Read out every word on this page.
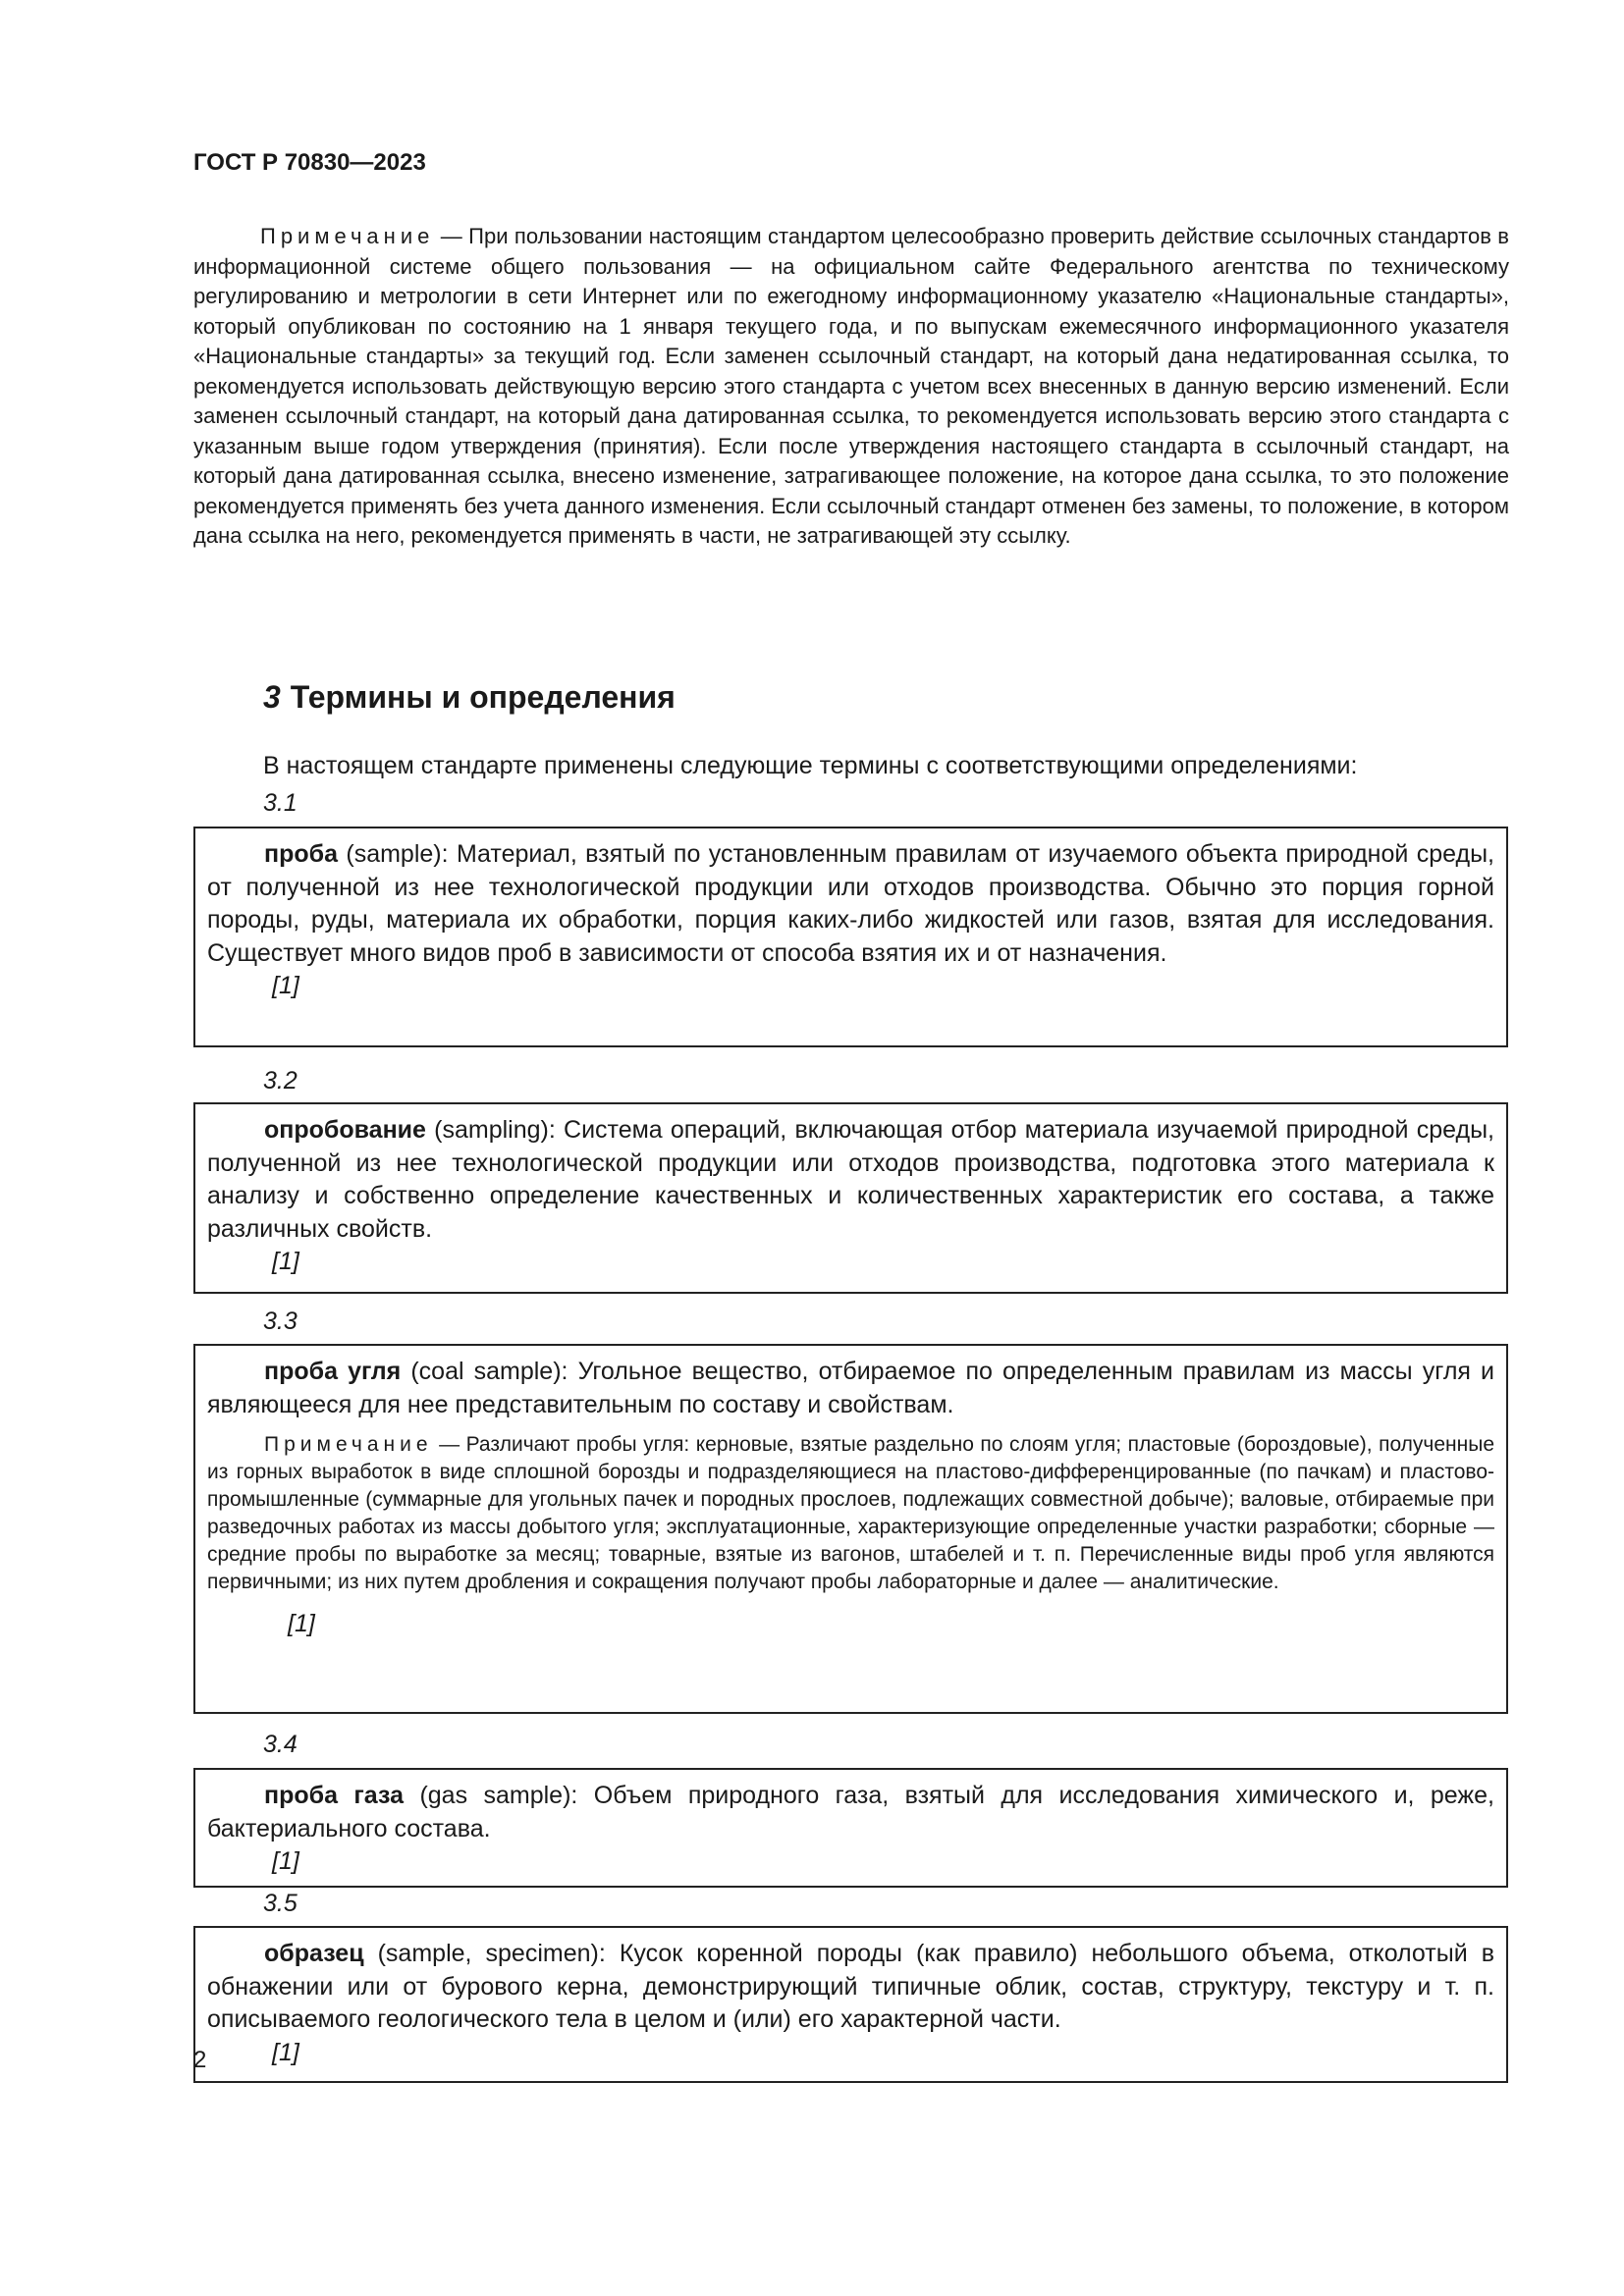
ГОСТ Р 70830—2023
Примечание — При пользовании настоящим стандартом целесообразно проверить действие ссылочных стандартов в информационной системе общего пользования — на официальном сайте Федерального агентства по техническому регулированию и метрологии в сети Интернет или по ежегодному информационному указателю «Национальные стандарты», который опубликован по состоянию на 1 января текущего года, и по выпускам ежемесячного информационного указателя «Национальные стандарты» за текущий год. Если заменен ссылочный стандарт, на который дана недатированная ссылка, то рекомендуется использовать действующую версию этого стандарта с учетом всех внесенных в данную версию изменений. Если заменен ссылочный стандарт, на который дана датированная ссылка, то рекомендуется использовать версию этого стандарта с указанным выше годом утверждения (принятия). Если после утверждения настоящего стандарта в ссылочный стандарт, на который дана датированная ссылка, внесено изменение, затрагивающее положение, на которое дана ссылка, то это положение рекомендуется применять без учета данного изменения. Если ссылочный стандарт отменен без замены, то положение, в котором дана ссылка на него, рекомендуется применять в части, не затрагивающей эту ссылку.
3 Термины и определения
В настоящем стандарте применены следующие термины с соответствующими определениями:
3.1
проба (sample): Материал, взятый по установленным правилам от изучаемого объекта природной среды, от полученной из нее технологической продукции или отходов производства. Обычно это порция горной породы, руды, материала их обработки, порция каких-либо жидкостей или газов, взятая для исследования. Существует много видов проб в зависимости от способа взятия их и от назначения.
[1]
3.2
опробование (sampling): Система операций, включающая отбор материала изучаемой природной среды, полученной из нее технологической продукции или отходов производства, подготовка этого материала к анализу и собственно определение качественных и количественных характеристик его состава, а также различных свойств.
[1]
3.3
проба угля (coal sample): Угольное вещество, отбираемое по определенным правилам из массы угля и являющееся для нее представительным по составу и свойствам.
Примечание — Различают пробы угля: керновые, взятые раздельно по слоям угля; пластовые (бороздовые), полученные из горных выработок в виде сплошной борозды и подразделяющиеся на пластово-дифференцированные (по пачкам) и пластово-промышленные (суммарные для угольных пачек и породных прослоев, подлежащих совместной добыче); валовые, отбираемые при разведочных работах из массы добытого угля; эксплуатационные, характеризующие определенные участки разработки; сборные — средние пробы по выработке за месяц; товарные, взятые из вагонов, штабелей и т. п. Перечисленные виды проб угля являются первичными; из них путем дробления и сокращения получают пробы лабораторные и далее — аналитические.
[1]
3.4
проба газа (gas sample): Объем природного газа, взятый для исследования химического и, реже, бактериального состава.
[1]
3.5
образец (sample, specimen): Кусок коренной породы (как правило) небольшого объема, отколотый в обнажении или от бурового керна, демонстрирующий типичные облик, состав, структуру, текстуру и т. п. описываемого геологического тела в целом и (или) его характерной части.
[1]
2
